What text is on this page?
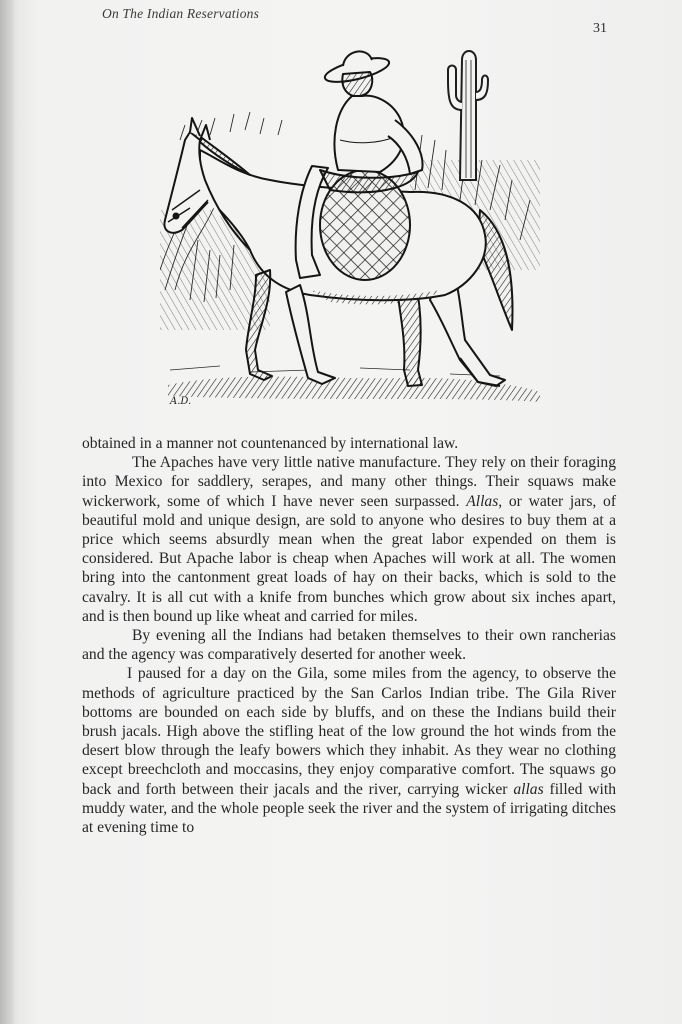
On The Indian Reservations
31
A.D.

obtained in a manner not countenanced by international law.

The Apaches have very little native manufacture. They rely on their foraging into Mexico for saddlery, serapes, and many other things. Their squaws make wickerwork, some of which I have never seen surpassed. Allas, or water jars, of beautiful mold and unique design, are sold to anyone who desires to buy them at a price which seems absurdly mean when the great labor expended on them is considered. But Apache labor is cheap when Apaches will work at all. The women bring into the cantonment great loads of hay on their backs, which is sold to the cavalry. It is all cut with a knife from bunches which grow about six inches apart, and is then bound up like wheat and carried for miles.

By evening all the Indians had betaken themselves to their own rancherias and the agency was comparatively deserted for another week.

I paused for a day on the Gila, some miles from the agency, to observe the methods of agriculture practiced by the San Carlos Indian tribe. The Gila River bottoms are bounded on each side by bluffs, and on these the Indians build their brush jacals. High above the stifling heat of the low ground the hot winds from the desert blow through the leafy bowers which they inhabit. As they wear no clothing except breechcloth and moccasins, they enjoy comparative comfort. The squaws go back and forth between their jacals and the river, carrying wicker allas filled with muddy water, and the whole people seek the river and the system of irrigating ditches at evening time to
